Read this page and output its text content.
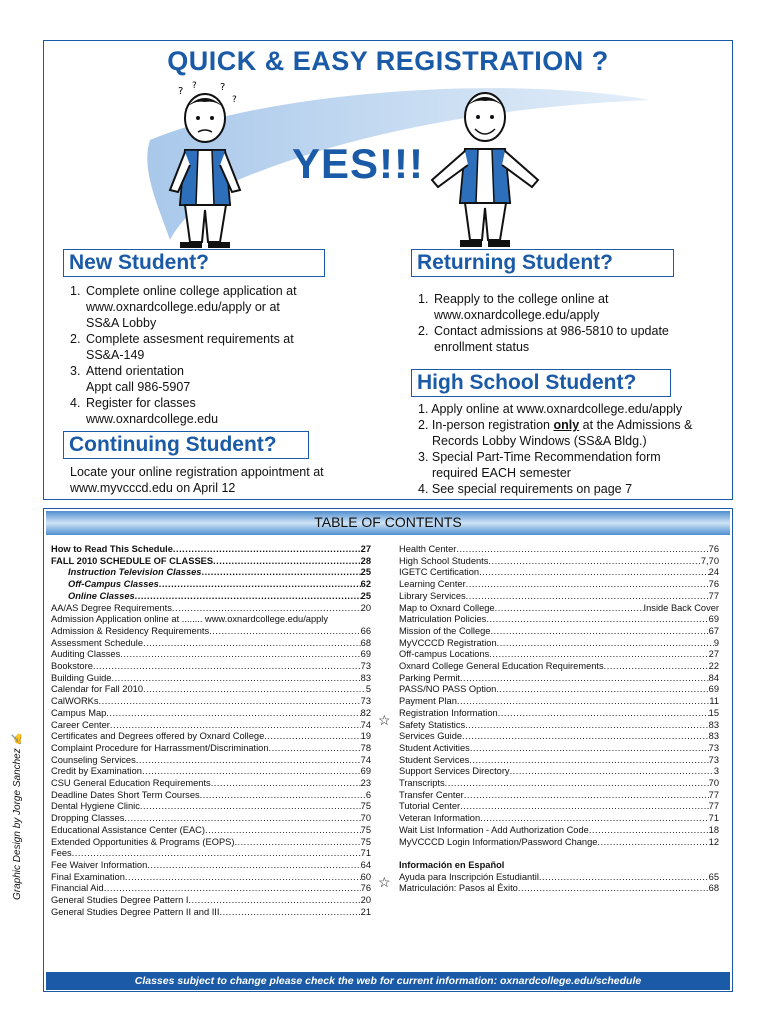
QUICK & EASY REGISTRATION ?
? ? ?
?
YES!!!
New Student?
1. Complete online college application at
www.oxnardcollege.edu/apply or at
SS&A Lobby
2. Complete assesment requirements at
SS&A-149
3. Attend orientation
Appt call 986-5907
4. Register for classes
www.oxnardcollege.edu
Continuing Student?
Locate your online registration appointment at
www.myvcccd.edu on April 12
Returning Student?
1. Reapply to the college online at
www.oxnardcollege.edu/apply
2. Contact admissions at 986-5810 to update
enrollment status
High School Student?
1. Apply online at www.oxnardcollege.edu/apply
2. In-person registration only at the Admissions &
Records Lobby Windows (SS&A Bldg.)
3. Special Part-Time Recommendation form
required EACH semester
4. See special requirements on page 7
TABLE OF CONTENTS
How to Read This Schedule .....	27
FALL 2010 SCHEDULE OF CLASSES .....	28
Instruction Television Classes .....	25
Off-Campus Classes .....	62
Online Classes .....	25
AA/AS Degree Requirements .....	20
Admission Application online at ........ www.oxnardcollege.edu/apply
Admission & Residency Requirements .....	66
Assessment Schedule .....	68
Auditing Classes .....	69
Bookstore .....	73
Building Guide .....	83
Calendar for Fall 2010 .....	5
CalWORKs .....	73
Campus Map .....	82
Career Center .....	74
Certificates and Degrees offered by Oxnard College .....	19
Complaint Procedure for Harrassment/Discrimination .....	78
Counseling Services .....	74
Credit by Examination .....	69
CSU General Education Requirements .....	23
Deadline Dates Short Term Courses .....	6
Dental Hygiene Clinic .....	75
Dropping Classes .....	70
Educational Assistance Center (EAC) .....	75
Extended Opportunities & Programs (EOPS) .....	75
Fees .....	71
Fee Waiver Information .....	64
Final Examination .....	60
Financial Aid .....	76
General Studies Degree Pattern I .....	20
General Studies Degree Pattern II and III .....	21
Health Center .....	76
High School Students .....	7,70
IGETC Certification .....	24
Learning Center .....	76
Library Services .....	77
Map to Oxnard College .....	Inside Back Cover
Matriculation Policies .....	69
Mission of the College .....	67
MyVCCCD Registration .....	9
Off-campus Locations .....	27
Oxnard College General Education Requirements .....	22
Parking Permit .....	84
PASS/NO PASS Option .....	69
Payment Plan .....	11
Registration Information .....	15
Safety Statistics .....	83
Services Guide .....	83
Student Activities .....	73
Student Services .....	73
Support Services Directory .....	3
Transcripts .....	70
Transfer Center .....	77
Tutorial Center .....	77
Veteran Information .....	71
Wait List Information - Add Authorization Code .....	18
MyVCCCD Login Information/Password Change .....	12
Información en Español
Ayuda para Inscripción Estudiantil .....	65
Matriculación: Pasos al Éxito .....	68
☆
☆
Graphic Design by Jorge Sanchez ✍
Classes subject to change please check the web for current information: oxnardcollege.edu/schedule
